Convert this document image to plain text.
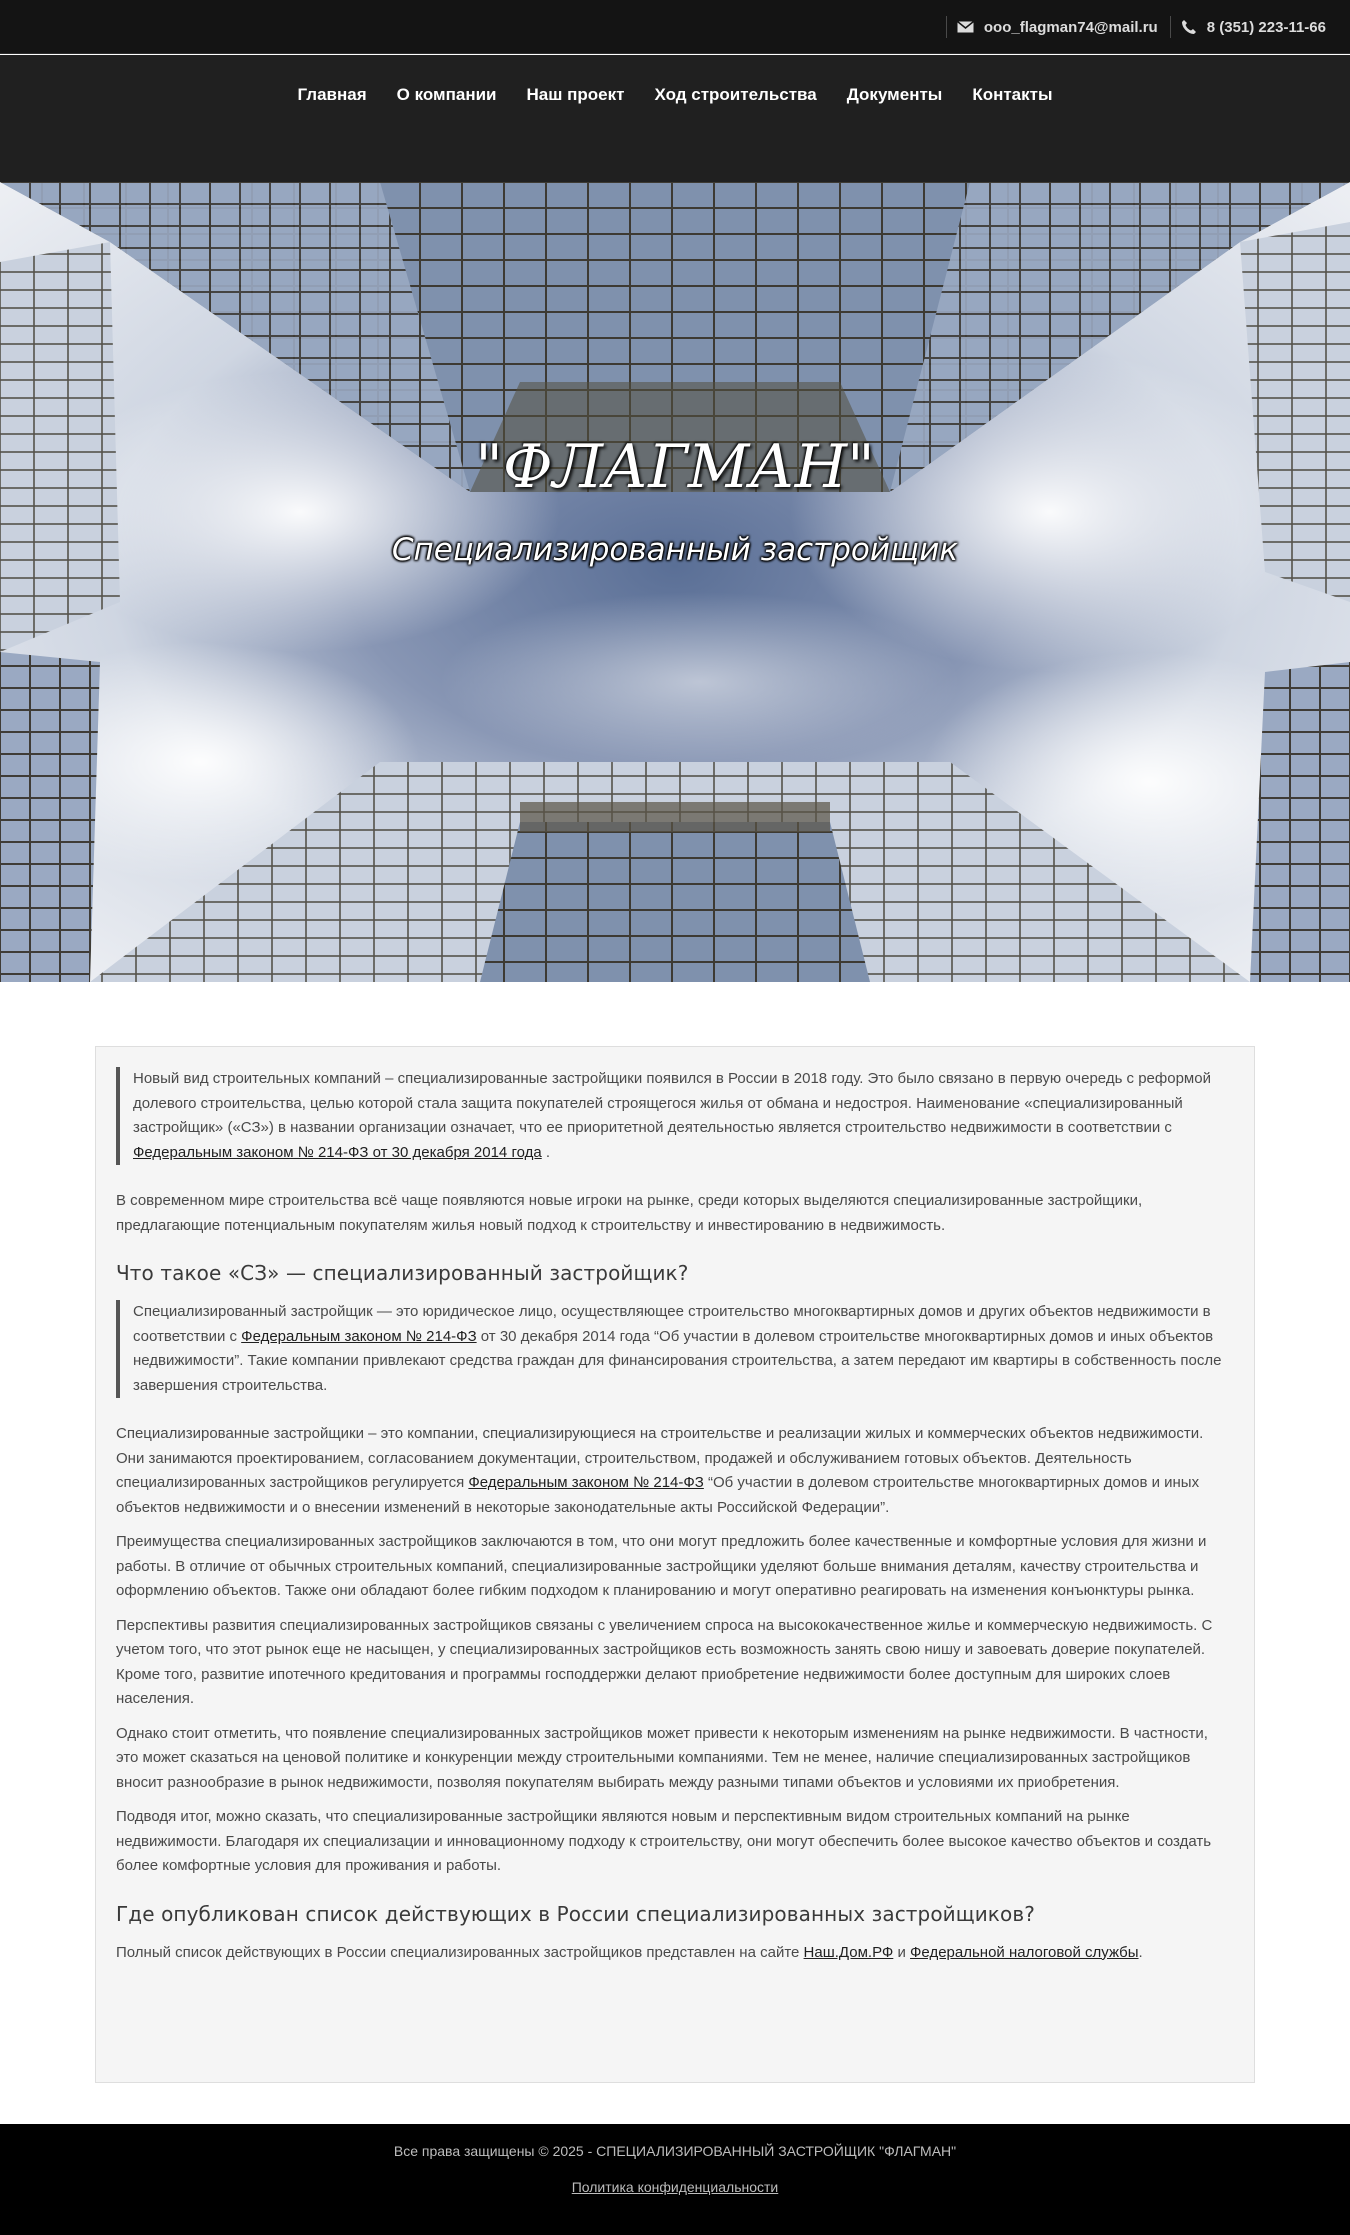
ooo_flagman74@mail.ru	8 (351) 223-11-66
Главная	О компании	Наш проект	Ход строительства	Документы	Контакты
"ФЛАГМАН"
Специализированный застройщик

Новый вид строительных компаний – специализированные застройщики появился в России в 2018 году. Это было связано в первую очередь с реформой долевого строительства, целью которой стала защита покупателей строящегося жилья от обмана и недостроя. Наименование «специализированный застройщик» («СЗ») в названии организации означает, что ее приоритетной деятельностью является строительство недвижимости в соответствии с Федеральным законом № 214-ФЗ от 30 декабря 2014 года .

В современном мире строительства всё чаще появляются новые игроки на рынке, среди которых выделяются специализированные застройщики, предлагающие потенциальным покупателям жилья новый подход к строительству и инвестированию в недвижимость.

Что такое «СЗ» — специализированный застройщик?

Специализированный застройщик — это юридическое лицо, осуществляющее строительство многоквартирных домов и других объектов недвижимости в соответствии с Федеральным законом № 214-ФЗ от 30 декабря 2014 года “Об участии в долевом строительстве многоквартирных домов и иных объектов недвижимости”. Такие компании привлекают средства граждан для финансирования строительства, а затем передают им квартиры в собственность после завершения строительства.

Специализированные застройщики – это компании, специализирующиеся на строительстве и реализации жилых и коммерческих объектов недвижимости. Они занимаются проектированием, согласованием документации, строительством, продажей и обслуживанием готовых объектов. Деятельность специализированных застройщиков регулируется Федеральным законом № 214-ФЗ “Об участии в долевом строительстве многоквартирных домов и иных объектов недвижимости и о внесении изменений в некоторые законодательные акты Российской Федерации”.

Преимущества специализированных застройщиков заключаются в том, что они могут предложить более качественные и комфортные условия для жизни и работы. В отличие от обычных строительных компаний, специализированные застройщики уделяют больше внимания деталям, качеству строительства и оформлению объектов. Также они обладают более гибким подходом к планированию и могут оперативно реагировать на изменения конъюнктуры рынка.

Перспективы развития специализированных застройщиков связаны с увеличением спроса на высококачественное жилье и коммерческую недвижимость. С учетом того, что этот рынок еще не насыщен, у специализированных застройщиков есть возможность занять свою нишу и завоевать доверие покупателей. Кроме того, развитие ипотечного кредитования и программы господдержки делают приобретение недвижимости более доступным для широких слоев населения.

Однако стоит отметить, что появление специализированных застройщиков может привести к некоторым изменениям на рынке недвижимости. В частности, это может сказаться на ценовой политике и конкуренции между строительными компаниями. Тем не менее, наличие специализированных застройщиков вносит разнообразие в рынок недвижимости, позволяя покупателям выбирать между разными типами объектов и условиями их приобретения.

Подводя итог, можно сказать, что специализированные застройщики являются новым и перспективным видом строительных компаний на рынке недвижимости. Благодаря их специализации и инновационному подходу к строительству, они могут обеспечить более высокое качество объектов и создать более комфортные условия для проживания и работы.

Где опубликован список действующих в России специализированных застройщиков?

Полный список действующих в России специализированных застройщиков представлен на сайте Наш.Дом.РФ и Федеральной налоговой службы.

Все права защищены © 2025 - СПЕЦИАЛИЗИРОВАННЫЙ ЗАСТРОЙЩИК "ФЛАГМАН"
Политика конфиденциальности
